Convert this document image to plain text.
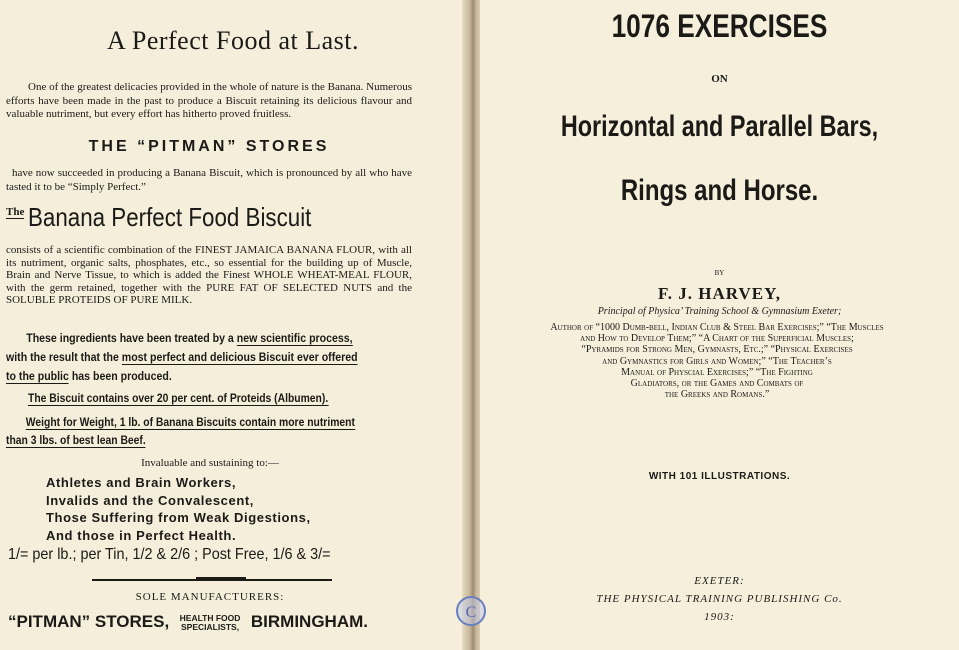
A Perfect Food at Last.
One of the greatest delicacies provided in the whole of nature is the Banana. Numerous efforts have been made in the past to produce a Biscuit retaining its delicious flavour and valuable nutriment, but every effort has hitherto proved fruitless.
THE “PITMAN” STORES
have now succeeded in producing a Banana Biscuit, which is pronounced by all who have tasted it to be “Simply Perfect.”
The Banana Perfect Food Biscuit
consists of a scientific combination of the FINEST JAMAICA BANANA FLOUR, with all its nutriment, organic salts, phosphates, etc., so essential for the building up of Muscle, Brain and Nerve Tissue, to which is added the Finest WHOLE WHEAT-MEAL FLOUR, with the germ retained, together with the PURE FAT OF SELECTED NUTS and the SOLUBLE PROTEIDS OF PURE MILK.
These ingredients have been treated by a new scientific process,
with the result that the most perfect and delicious Biscuit ever offered
to the public has been produced.
The Biscuit contains over 20 per cent. of Proteids (Albumen).
Weight for Weight, 1 lb. of Banana Biscuits contain more nutriment
than 3 lbs. of best lean Beef.
Invaluable and sustaining to:—
Athletes and Brain Workers,
Invalids and the Convalescent,
Those Suffering from Weak Digestions,
And those in Perfect Health.
1/= per lb.; per Tin, 1/2 & 2/6 ; Post Free, 1/6 & 3/=
SOLE MANUFACTURERS:
“PITMAN” STORES, HEALTH FOOD
SPECIALISTS, BIRMINGHAM.
1076 EXERCISES
ON
Horizontal and Parallel Bars,
Rings and Horse.
BY
F. J. HARVEY,
Principal of Physica’ Training School & Gymnasium Exeter;
Author of “1000 Dumb-bell, Indian Club & Steel Bar Exercises;” “The Muscles
and How to Develop Them;” “A Chart of the Superficial Muscles;
“Pyramids for Strong Men, Gymnasts, Etc.;” “Physical Exercises
and Gymnastics for Girls and Women;” “The Teacher’s
Manual of Physcial Exercises;” “The Fighting
Gladiators, or the Games and Combats of
the Greeks and Romans.”
WITH 101 ILLUSTRATIONS.
EXETER:
THE PHYSICAL TRAINING PUBLISHING Co.
1903:
C
